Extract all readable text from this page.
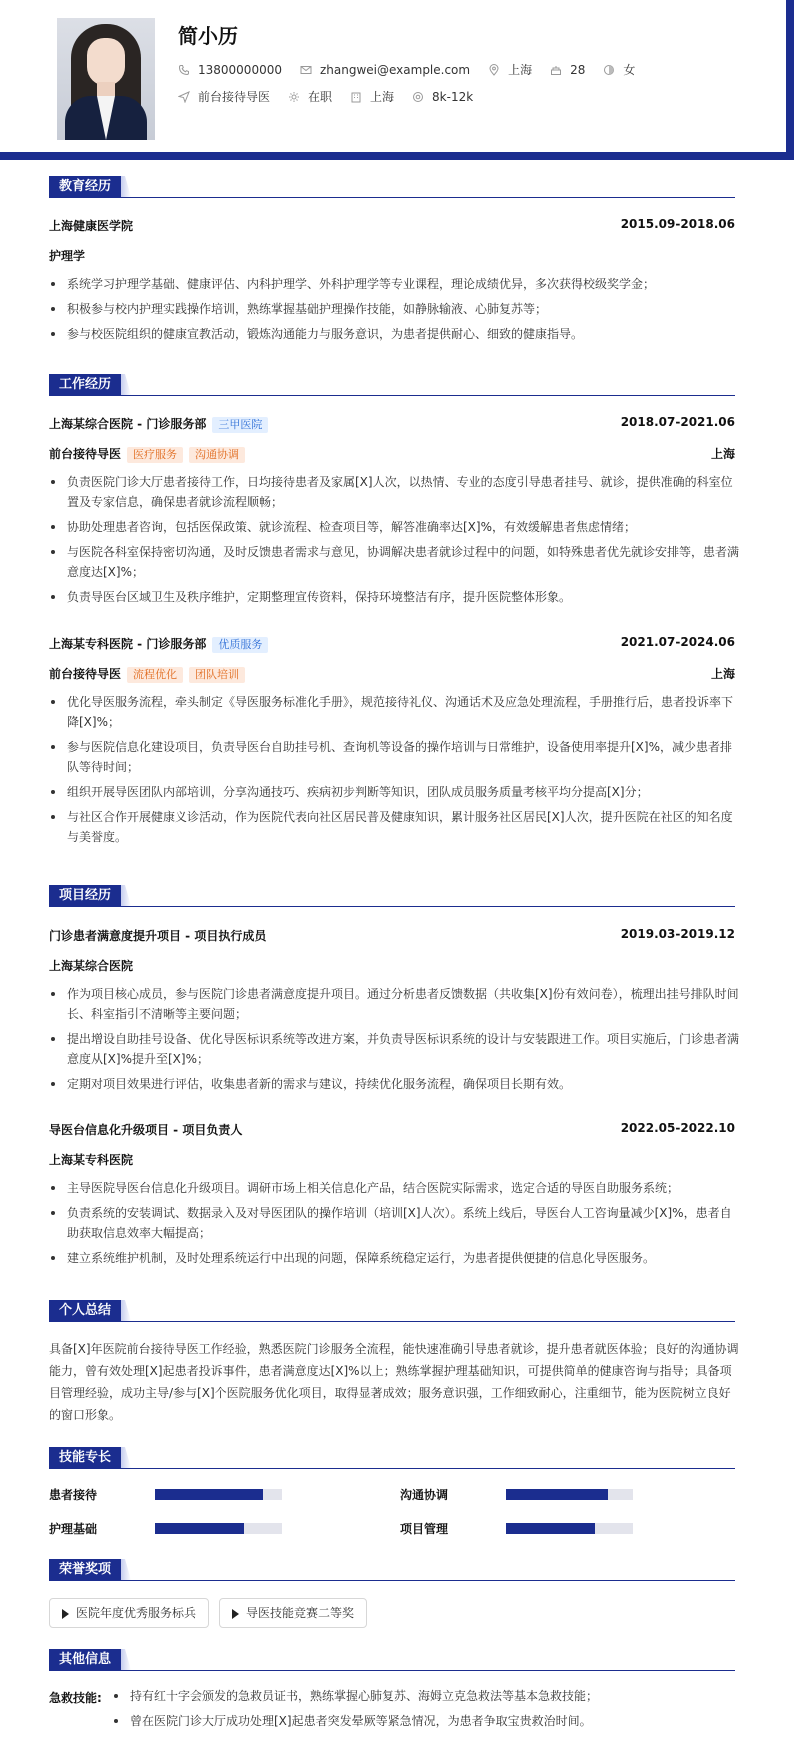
简小历
13800000000	zhangwei@example.com	上海	28	女
前台接待导医	在职	上海	8k-12k
教育经历
上海健康医学院	2015.09-2018.06
护理学
系统学习护理学基础、健康评估、内科护理学、外科护理学等专业课程，理论成绩优异，多次获得校级奖学金；
积极参与校内护理实践操作培训，熟练掌握基础护理操作技能，如静脉输液、心肺复苏等；
参与校医院组织的健康宣教活动，锻炼沟通能力与服务意识，为患者提供耐心、细致的健康指导。
工作经历
上海某综合医院 - 门诊服务部 三甲医院	2018.07-2021.06
前台接待导医 医疗服务 沟通协调	上海
负责医院门诊大厅患者接待工作，日均接待患者及家属[X]人次，以热情、专业的态度引导患者挂号、就诊，提供准确的科室位置及专家信息，确保患者就诊流程顺畅；
协助处理患者咨询，包括医保政策、就诊流程、检查项目等，解答准确率达[X]%，有效缓解患者焦虑情绪；
与医院各科室保持密切沟通，及时反馈患者需求与意见，协调解决患者就诊过程中的问题，如特殊患者优先就诊安排等，患者满意度达[X]%；
负责导医台区域卫生及秩序维护，定期整理宣传资料，保持环境整洁有序，提升医院整体形象。
上海某专科医院 - 门诊服务部 优质服务	2021.07-2024.06
前台接待导医 流程优化 团队培训	上海
优化导医服务流程，牵头制定《导医服务标准化手册》，规范接待礼仪、沟通话术及应急处理流程，手册推行后，患者投诉率下降[X]%；
参与医院信息化建设项目，负责导医台自助挂号机、查询机等设备的操作培训与日常维护，设备使用率提升[X]%，减少患者排队等待时间；
组织开展导医团队内部培训，分享沟通技巧、疾病初步判断等知识，团队成员服务质量考核平均分提高[X]分；
与社区合作开展健康义诊活动，作为医院代表向社区居民普及健康知识，累计服务社区居民[X]人次，提升医院在社区的知名度与美誉度。
项目经历
门诊患者满意度提升项目 - 项目执行成员	2019.03-2019.12
上海某综合医院
作为项目核心成员，参与医院门诊患者满意度提升项目。通过分析患者反馈数据（共收集[X]份有效问卷），梳理出挂号排队时间长、科室指引不清晰等主要问题；
提出增设自助挂号设备、优化导医标识系统等改进方案，并负责导医标识系统的设计与安装跟进工作。项目实施后，门诊患者满意度从[X]%提升至[X]%；
定期对项目效果进行评估，收集患者新的需求与建议，持续优化服务流程，确保项目长期有效。
导医台信息化升级项目 - 项目负责人	2022.05-2022.10
上海某专科医院
主导医院导医台信息化升级项目。调研市场上相关信息化产品，结合医院实际需求，选定合适的导医自助服务系统；
负责系统的安装调试、数据录入及对导医团队的操作培训（培训[X]人次）。系统上线后，导医台人工咨询量减少[X]%，患者自助获取信息效率大幅提高；
建立系统维护机制，及时处理系统运行中出现的问题，保障系统稳定运行，为患者提供便捷的信息化导医服务。
个人总结
具备[X]年医院前台接待导医工作经验，熟悉医院门诊服务全流程，能快速准确引导患者就诊，提升患者就医体验；良好的沟通协调能力，曾有效处理[X]起患者投诉事件，患者满意度达[X]%以上；熟练掌握护理基础知识，可提供简单的健康咨询与指导；具备项目管理经验，成功主导/参与[X]个医院服务优化项目，取得显著成效；服务意识强，工作细致耐心，注重细节，能为医院树立良好的窗口形象。
技能专长
患者接待	沟通协调
护理基础	项目管理
荣誉奖项
医院年度优秀服务标兵	导医技能竞赛二等奖
其他信息
急救技能:	持有红十字会颁发的急救员证书，熟练掌握心肺复苏、海姆立克急救法等基本急救技能；
曾在医院门诊大厅成功处理[X]起患者突发晕厥等紧急情况，为患者争取宝贵救治时间。
